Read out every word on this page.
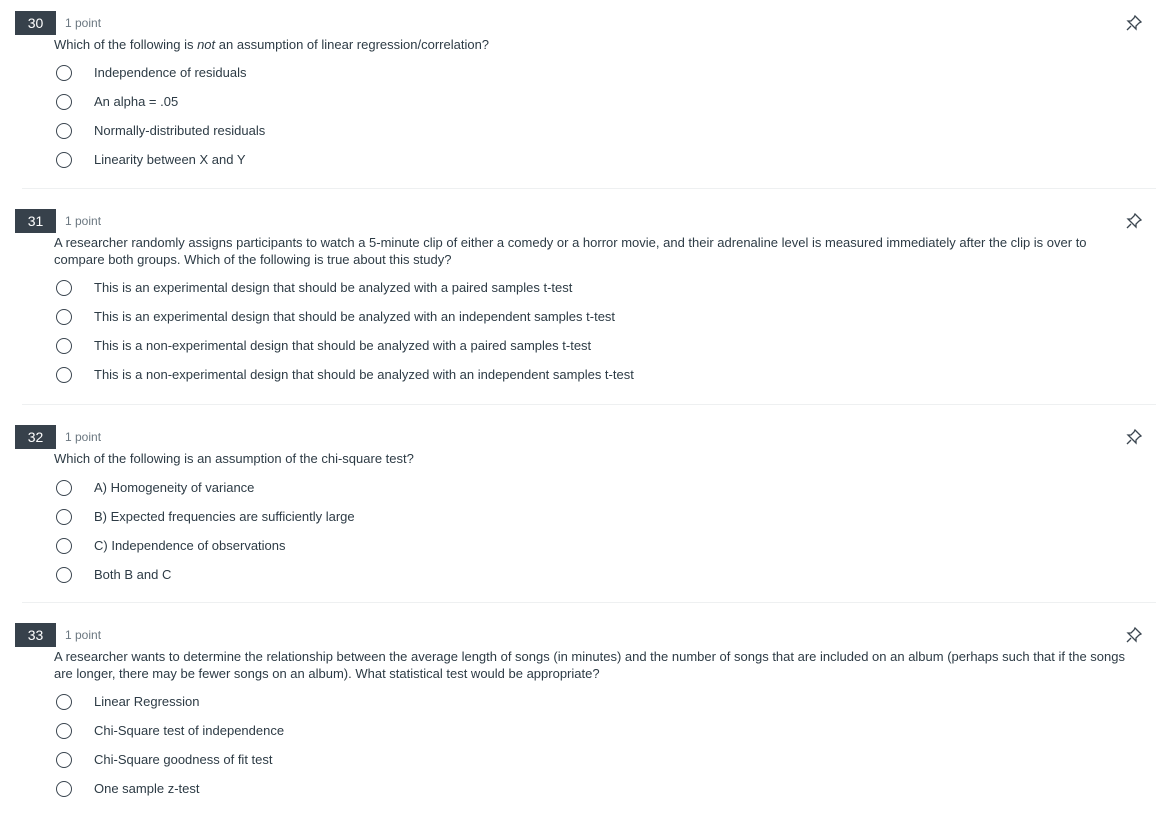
30	1 point
Which of the following is not an assumption of linear regression/correlation?
Independence of residuals
An alpha = .05
Normally-distributed residuals
Linearity between X and Y
31	1 point
A researcher randomly assigns participants to watch a 5-minute clip of either a comedy or a horror movie, and their adrenaline level is measured immediately after the clip is over to compare both groups. Which of the following is true about this study?
This is an experimental design that should be analyzed with a paired samples t-test
This is an experimental design that should be analyzed with an independent samples t-test
This is a non-experimental design that should be analyzed with a paired samples t-test
This is a non-experimental design that should be analyzed with an independent samples t-test
32	1 point
Which of the following is an assumption of the chi-square test?
A) Homogeneity of variance
B) Expected frequencies are sufficiently large
C) Independence of observations
Both B and C
33	1 point
A researcher wants to determine the relationship between the average length of songs (in minutes) and the number of songs that are included on an album (perhaps such that if the songs are longer, there may be fewer songs on an album). What statistical test would be appropriate?
Linear Regression
Chi-Square test of independence
Chi-Square goodness of fit test
One sample z-test
